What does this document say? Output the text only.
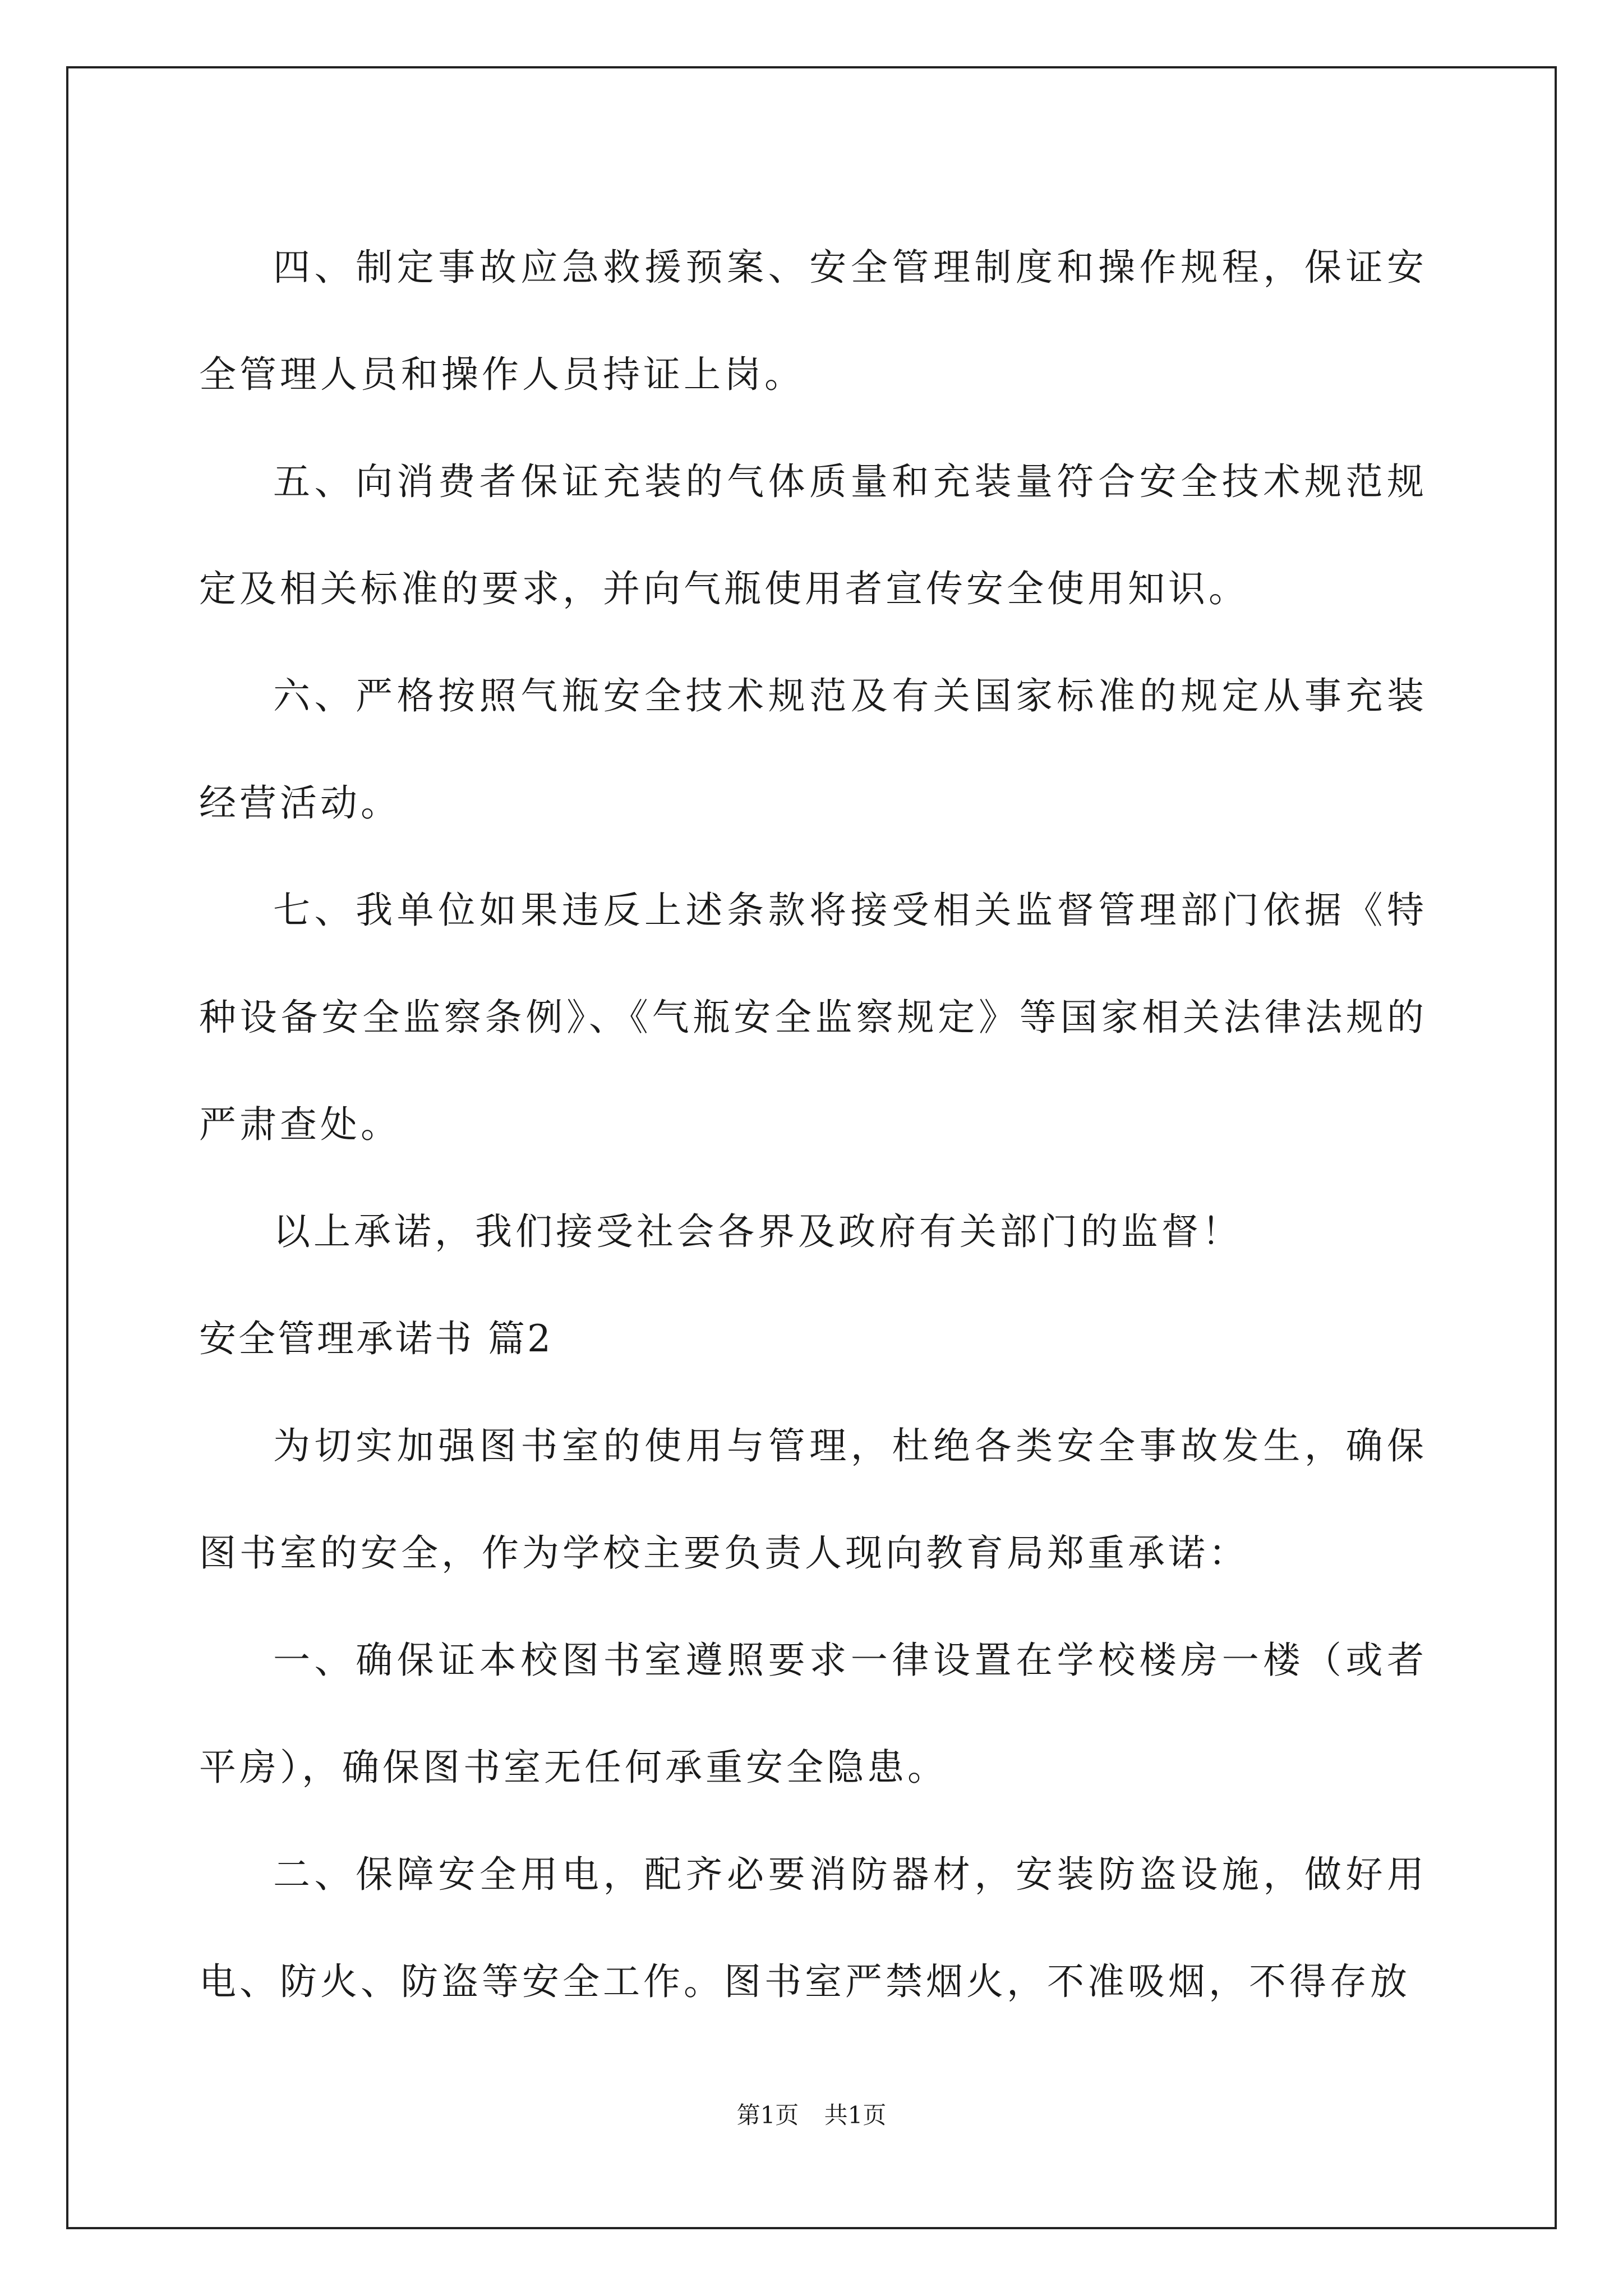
四、制定事故应急救援预案、安全管理制度和操作规程，保证安全管理人员和操作人员持证上岗。

五、向消费者保证充装的气体质量和充装量符合安全技术规范规定及相关标准的要求，并向气瓶使用者宣传安全使用知识。

六、严格按照气瓶安全技术规范及有关国家标准的规定从事充装经营活动。

七、我单位如果违反上述条款将接受相关监督管理部门依据《特种设备安全监察条例》、《气瓶安全监察规定》等国家相关法律法规的严肃查处。

以上承诺，我们接受社会各界及政府有关部门的监督！

安全管理承诺书 篇2

为切实加强图书室的使用与管理，杜绝各类安全事故发生，确保图书室的安全，作为学校主要负责人现向教育局郑重承诺：

一、确保证本校图书室遵照要求一律设置在学校楼房一楼（或者平房），确保图书室无任何承重安全隐患。

二、保障安全用电，配齐必要消防器材，安装防盗设施，做好用电、防火、防盗等安全工作。图书室严禁烟火，不准吸烟，不得存放

第1页 共1页
